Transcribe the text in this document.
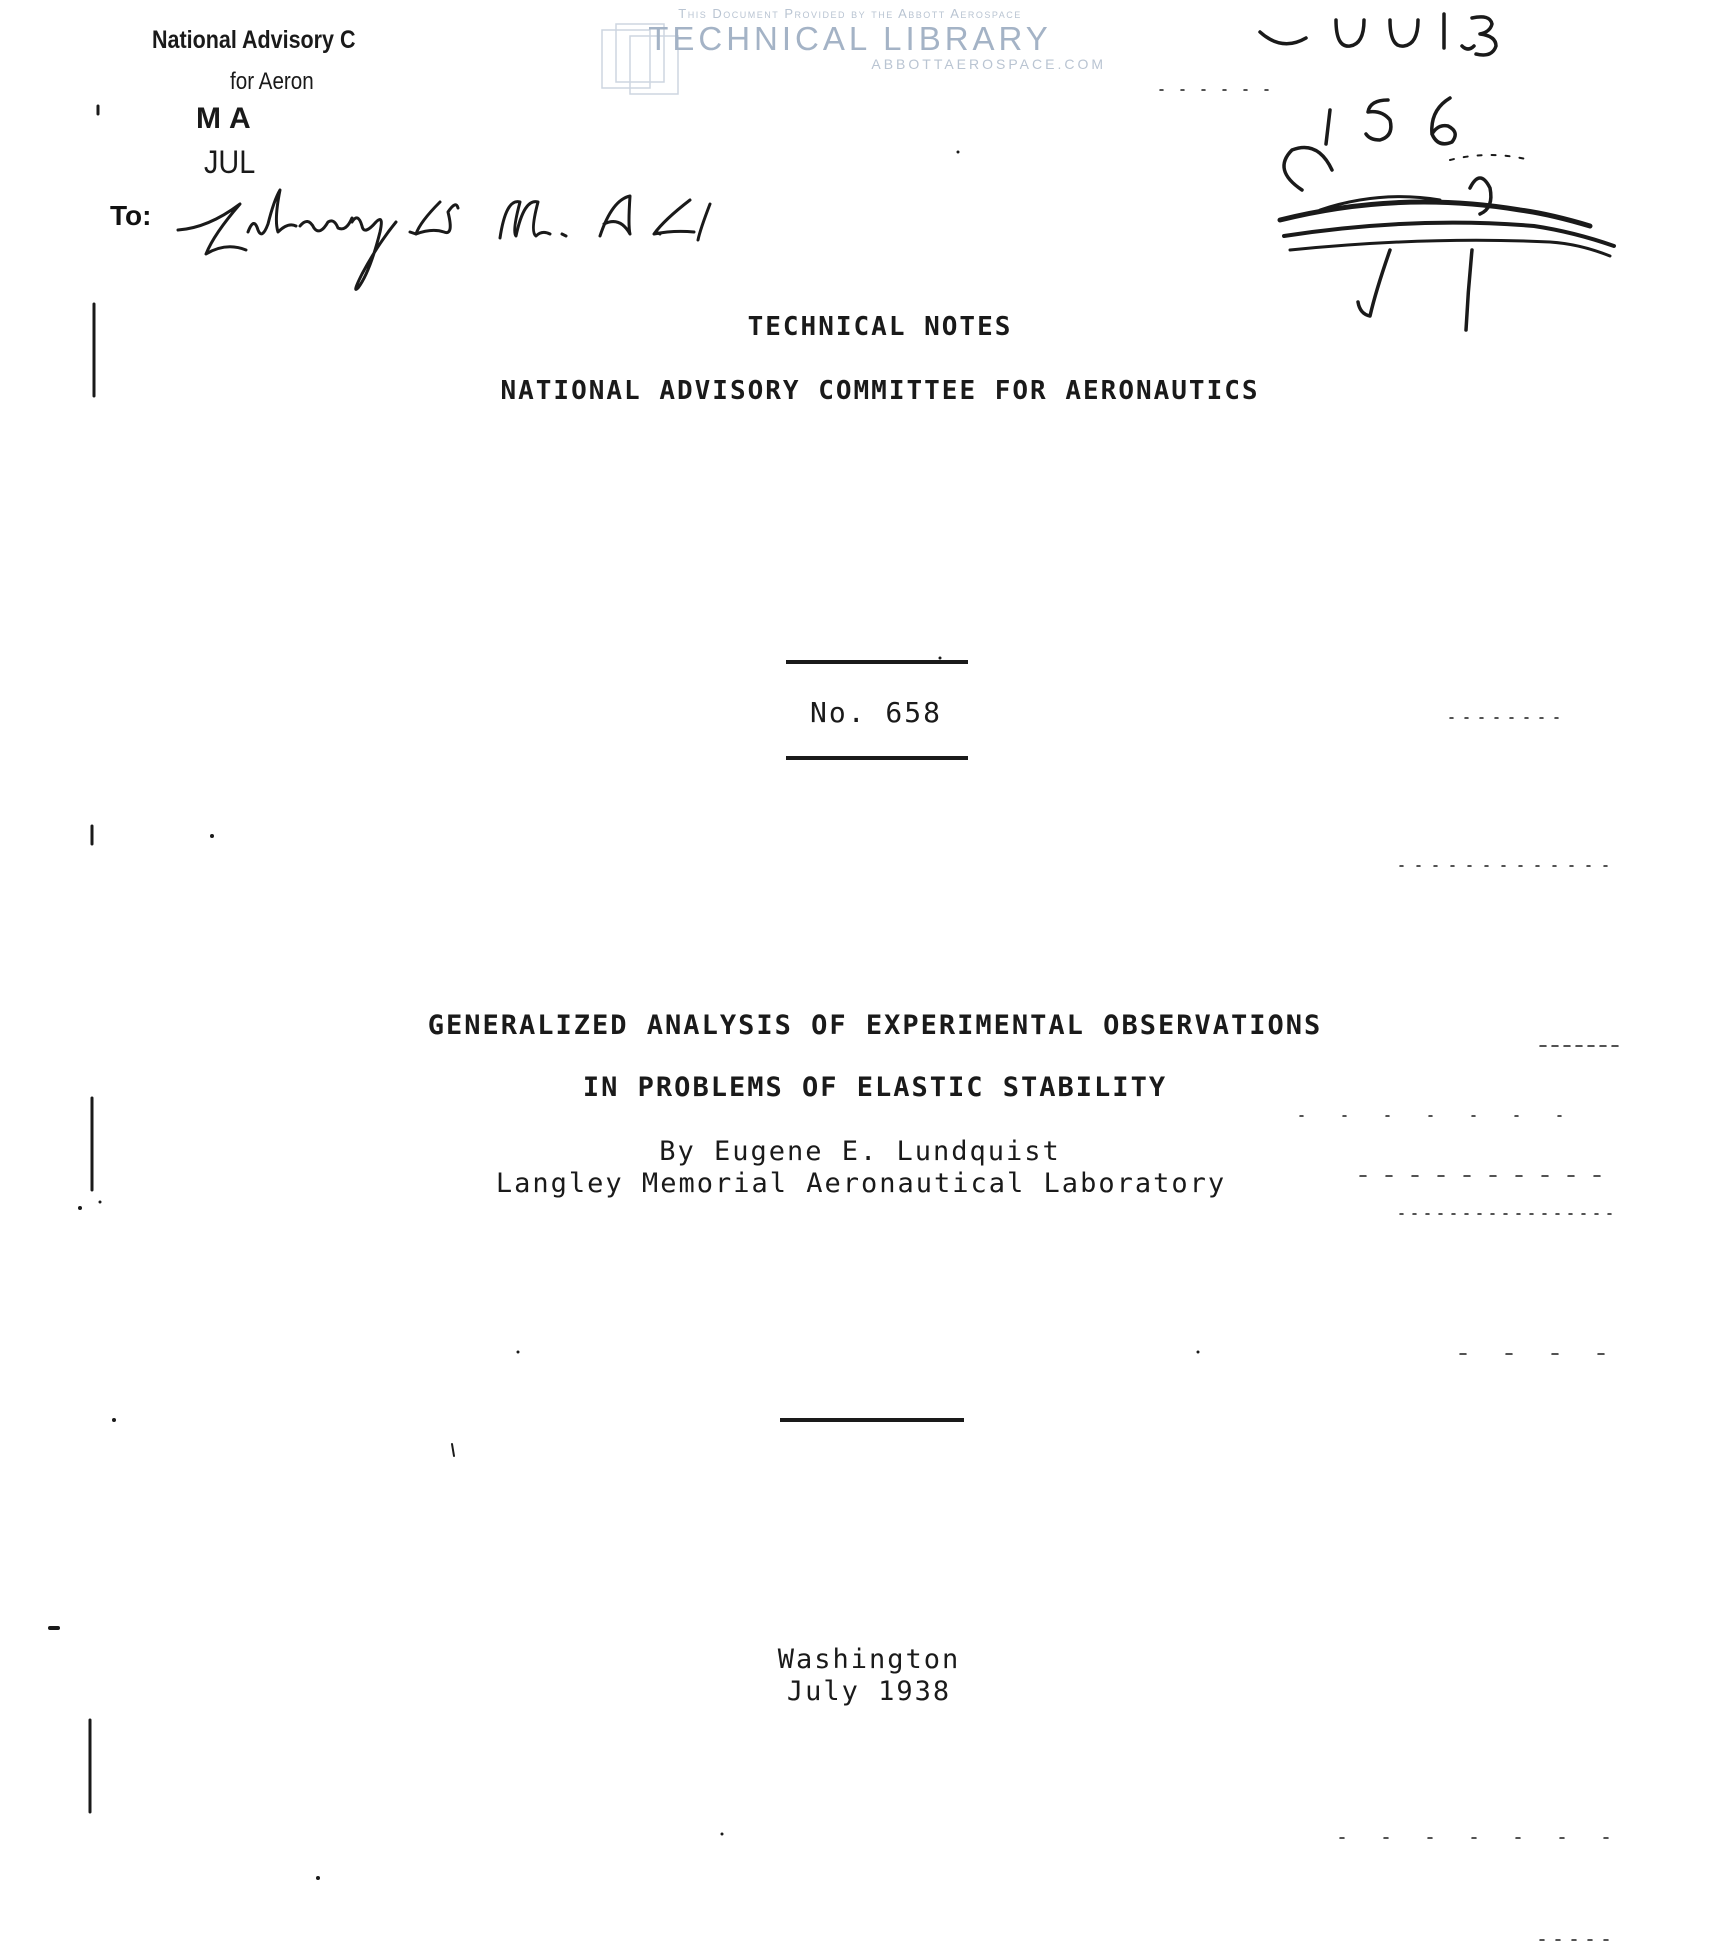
This Document Provided by the Abbott Aerospace
TECHNICAL LIBRARY
ABBOTTAEROSPACE.COM
National Advisory C
for Aeron
MA
JUL
To:
TECHNICAL NOTES
NATIONAL ADVISORY COMMITTEE FOR AERONAUTICS
No. 658
GENERALIZED ANALYSIS OF EXPERIMENTAL OBSERVATIONS
IN PROBLEMS OF ELASTIC STABILITY
By Eugene E. Lundquist
Langley Memorial Aeronautical Laboratory
Washington
July 1938
